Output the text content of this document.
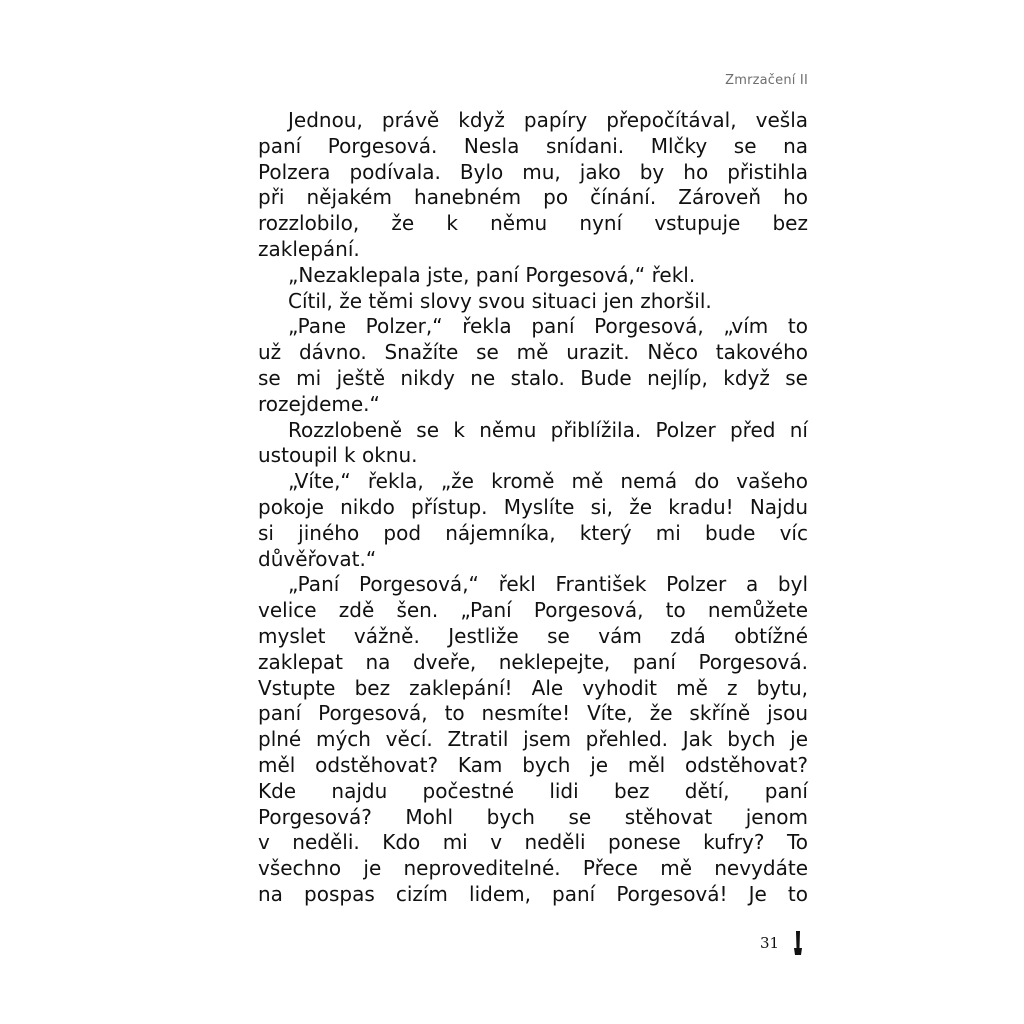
Zmrzačení II
Jednou, právě když papíry přepočítával, vešla
paní Porgesová. Nesla snídani. Mlčky se na
Polzera podívala. Bylo mu, jako by ho přistihla
při nějakém hanebném po čínání. Zároveň ho
rozzlobilo, že k němu nyní vstupuje bez
zaklepání.
„Nezaklepala jste, paní Porgesová,“ řekl.
Cítil, že těmi slovy svou situaci jen zhoršil.
„Pane Polzer,“ řekla paní Porgesová, „vím to
už dávno. Snažíte se mě urazit. Něco takového
se mi ještě nikdy ne stalo. Bude nejlíp, když se
rozejdeme.“
Rozzlobeně se k němu přiblížila. Polzer před ní
ustoupil k oknu.
„Víte,“ řekla, „že kromě mě nemá do vašeho
pokoje nikdo přístup. Myslíte si, že kradu! Najdu
si jiného pod nájemníka, který mi bude víc
důvěřovat.“
„Paní Porgesová,“ řekl František Polzer a byl
velice zdě šen. „Paní Porgesová, to nemůžete
myslet vážně. Jestliže se vám zdá obtížné
zaklepat na dveře, neklepejte, paní Porgesová.
Vstupte bez zaklepání! Ale vyhodit mě z bytu,
paní Porgesová, to nesmíte! Víte, že skříně jsou
plné mých věcí. Ztratil jsem přehled. Jak bych je
měl odstěhovat? Kam bych je měl odstěhovat?
Kde najdu počestné lidi bez dětí, paní
Porgesová? Mohl bych se stěhovat jenom
v neděli. Kdo mi v neděli ponese kufry? To
všechno je neproveditelné. Přece mě nevydáte
na pospas cizím lidem, paní Porgesová! Je to
31
